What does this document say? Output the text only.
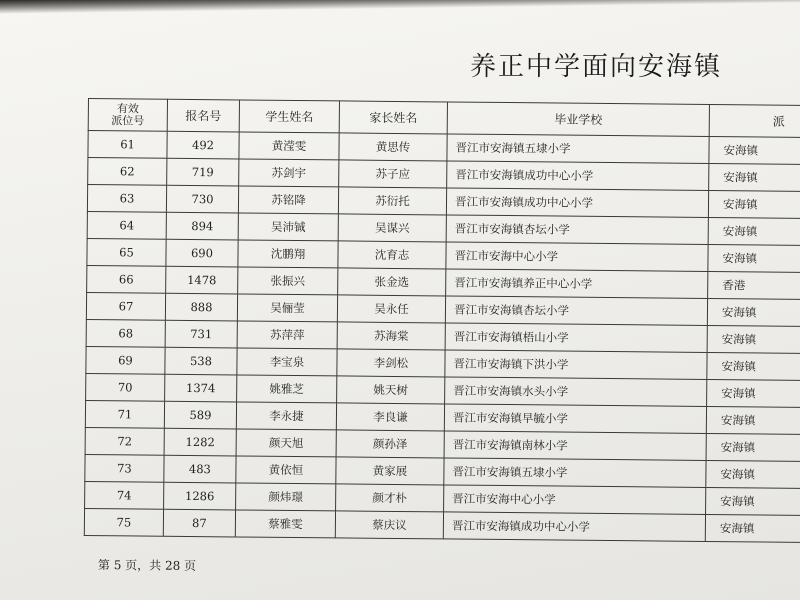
养正中学面向安海镇
有效
派位号	报名号	学生姓名	家长姓名	毕业学校	派
61	492	黄滢雯	黄思传	晋江市安海镇五埭小学	安海镇
62	719	苏剑宇	苏子应	晋江市安海镇成功中心小学	安海镇
63	730	苏铭降	苏衍托	晋江市安海镇成功中心小学	安海镇
64	894	吴沛铖	吴谋兴	晋江市安海镇杏坛小学	安海镇
65	690	沈鹏翔	沈育志	晋江市安海中心小学	安海镇
66	1478	张振兴	张金选	晋江市安海镇养正中心小学	香港
67	888	吴俪莹	吴永任	晋江市安海镇杏坛小学	安海镇
68	731	苏萍萍	苏海棠	晋江市安海镇梧山小学	安海镇
69	538	李宝泉	李剑松	晋江市安海镇下洪小学	安海镇
70	1374	姚雅芝	姚天树	晋江市安海镇水头小学	安海镇
71	589	李永捷	李良谦	晋江市安海镇早毓小学	安海镇
72	1282	颜天旭	颜孙泽	晋江市安海镇南林小学	安海镇
73	483	黄依恒	黄家展	晋江市安海镇五埭小学	安海镇
74	1286	颜炜璟	颜才朴	晋江市安海中心小学	安海镇
75	87	蔡雅雯	蔡庆议	晋江市安海镇成功中心小学	安海镇
第 5 页，共 28 页
